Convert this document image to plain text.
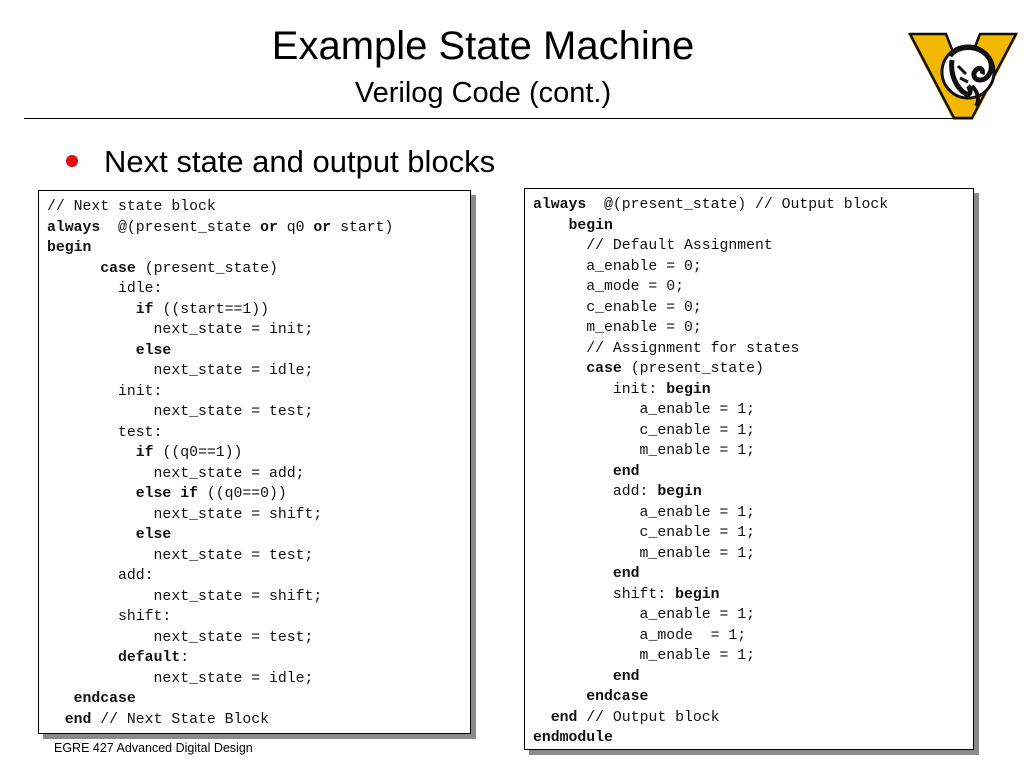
Example State Machine
Verilog Code (cont.)
Next state and output blocks
// Next state block
always  @(present_state or q0 or start)
begin
case (present_state)
idle:
if ((start==1))
next_state = init;
else
next_state = idle;
init:
next_state = test;
test:
if ((q0==1))
next_state = add;
else if ((q0==0))
next_state = shift;
else
next_state = test;
add:
next_state = shift;
shift:
next_state = test;
default:
next_state = idle;
endcase
end // Next State Block
always  @(present_state) // Output block
begin
// Default Assignment
a_enable = 0;
a_mode = 0;
c_enable = 0;
m_enable = 0;
// Assignment for states
case (present_state)
init: begin
a_enable = 1;
c_enable = 1;
m_enable = 1;
end
add: begin
a_enable = 1;
c_enable = 1;
m_enable = 1;
end
shift: begin
a_enable = 1;
a_mode  = 1;
m_enable = 1;
end
endcase
end // Output block
endmodule
EGRE 427 Advanced Digital Design
